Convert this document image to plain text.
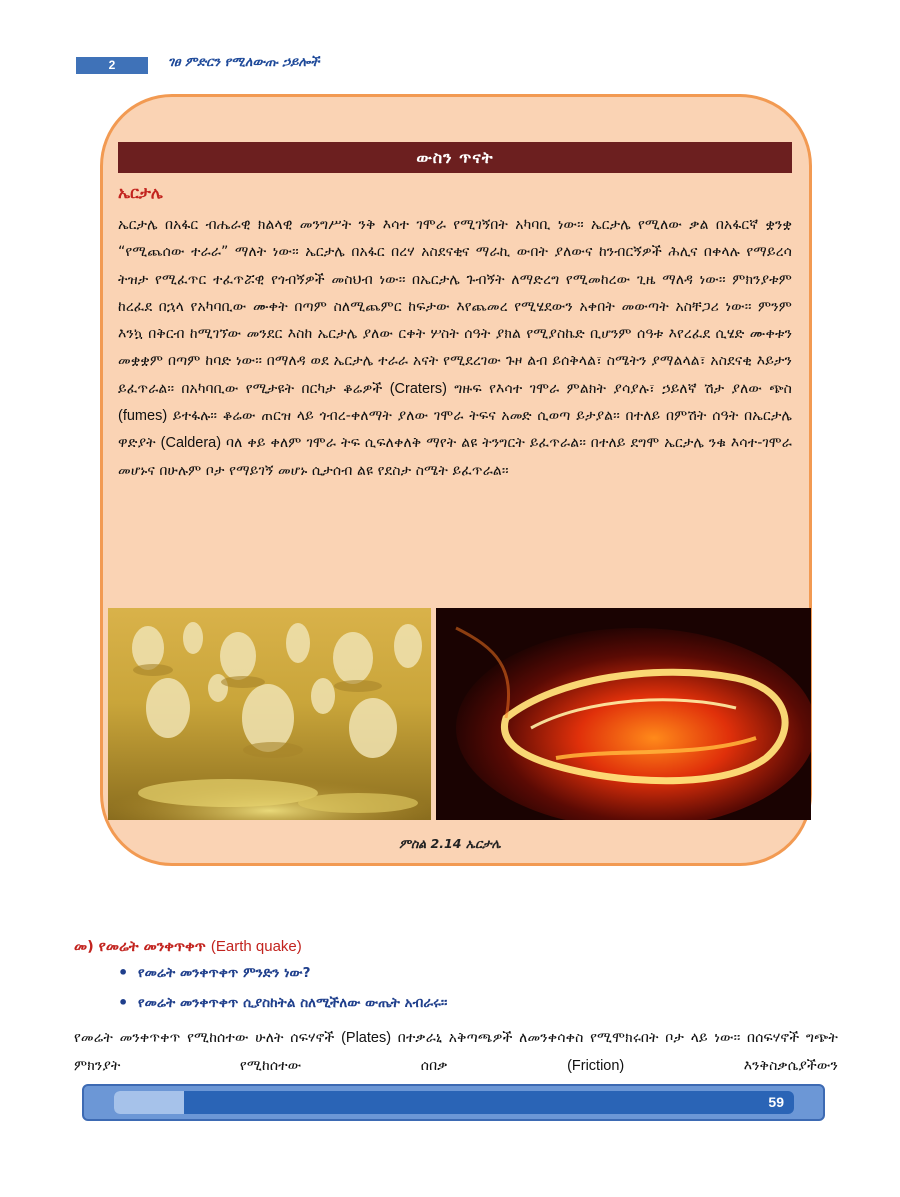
2	ገፀ ምድርን የሚለውጡ ኃይሎች
ውስን ጥናት
ኤርታሌ

ኤርታሌ በአፋር ብሔራዊ ክልላዊ መንግሥት ንቅ እሳተ ገሞራ የሚገኝበት አካባቢ ነው፡፡ ኤርታሌ የሚለው ቃል በአፋርኛ ቋንቋ “የሚጨሰው ተራራ” ማለት ነው፡፡ ኤርታሌ በአፋር በረሃ አስደናቂና ማራኪ ውበት ያለውና ከንብርኝዎች ሕሊና በቀላሉ የማይረሳ ትዝታ የሚፈጥር ተፈጥሯዊ የጎብኝዎች መስህብ ነው፡፡ በኤርታሌ ጉብኝት ለማድረግ የሚመከረው ጊዜ ማለዳ ነው፡፡ ምክንያቱም ከረፈደ በኋላ የአካባቢው ሙቀት በጣም ስለሚጨምር ከፍታው እየጨመረ የሚሄደውን አቀበት መውጣት አስቸጋሪ ነው፡፡ ምንም እንኳ በቅርብ ከሚገኘው መንደር እስከ ኤርታሌ ያለው ርቀት ሦስት ሰዓት ያክል የሚያስኬድ ቢሆንም ሰዓቱ እየረፈደ ሲሄድ ሙቀቱን መቋቋም በጣም ከባድ ነው፡፡ በማለዳ ወደ ኤርታሌ ተራራ አናት የሚደረገው ጉዞ ልብ ይሰቅላል፣ ስሜትን ያማልላል፣ አስደናቂ እይታን ይፈጥራል፡፡ በአካባቢው የሚታዩት በርካታ ቆሬዎች (Craters) ግዙፍ የእሳተ ገሞራ ምልክት ያሳያሉ፣ ኃይለኛ ሽታ ያለው ጭስ (fumes) ይተፋሉ፡፡ ቆሬው ጠርዝ ላይ ጎብረ-ቀለማት ያለው ገሞራ ትፍና አመድ ሲወጣ ይታያል፡፡ በተለይ በምሽት ሰዓት በኤርታሌ ዋድያት (Caldera) ባለ ቀይ ቀለም ገሞራ ትፍ ሲፍለቀለቅ ማየት ልዩ ትንግርት ይፈጥራል፡፡ በተለይ ደግሞ ኤርታሌ ንቁ እሳተ-ገሞራ መሆኑና በሁሉም ቦታ የማይገኝ መሆኑ ሲታሰብ ልዩ የደስታ ስሜት ይፈጥራል፡፡

ምስል 2.14 ኤርታሌ
መ) የመሬት መንቀጥቀጥ (Earth quake)
• የመሬት መንቀጥቀጥ ምንድን ነው?
• የመሬት መንቀጥቀጥ ሲያስከትል ስለሚችለው ውጤት አብራሩ፡፡

የመሬት መንቀጥቀጥ የሚከሰተው ሁለት ሰፍሃኖች (Plates) በተቃራኒ አቅጣጫዎች ለመንቀሳቀስ የሚሞክሩበት ቦታ ላይ ነው፡፡ በሰፍሃኖች ግጭት ምክንያት የሚከሰተው ሰበቃ (Friction) እንቅስቃሴያችውን

59
